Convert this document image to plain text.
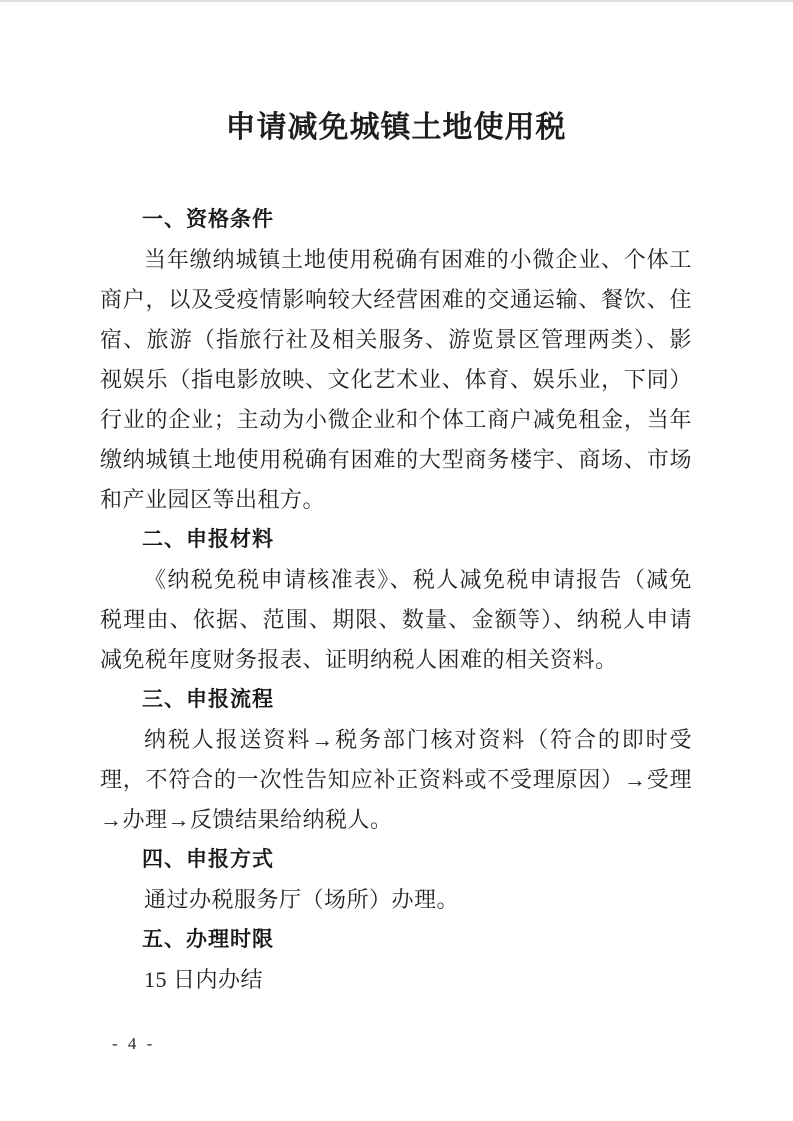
申请减免城镇土地使用税
一、资格条件

当年缴纳城镇土地使用税确有困难的小微企业、个体工商户，以及受疫情影响较大经营困难的交通运输、餐饮、住宿、旅游（指旅行社及相关服务、游览景区管理两类）、影视娱乐（指电影放映、文化艺术业、体育、娱乐业，下同）行业的企业；主动为小微企业和个体工商户减免租金，当年缴纳城镇土地使用税确有困难的大型商务楼宇、商场、市场和产业园区等出租方。

二、申报材料

《纳税免税申请核准表》、税人减免税申请报告（减免税理由、依据、范围、期限、数量、金额等）、纳税人申请减免税年度财务报表、证明纳税人困难的相关资料。

三、申报流程

纳税人报送资料→税务部门核对资料（符合的即时受理，不符合的一次性告知应补正资料或不受理原因）→受理→办理→反馈结果给纳税人。

四、申报方式

通过办税服务厅（场所）办理。

五、办理时限

15 日内办结

- 4 -
